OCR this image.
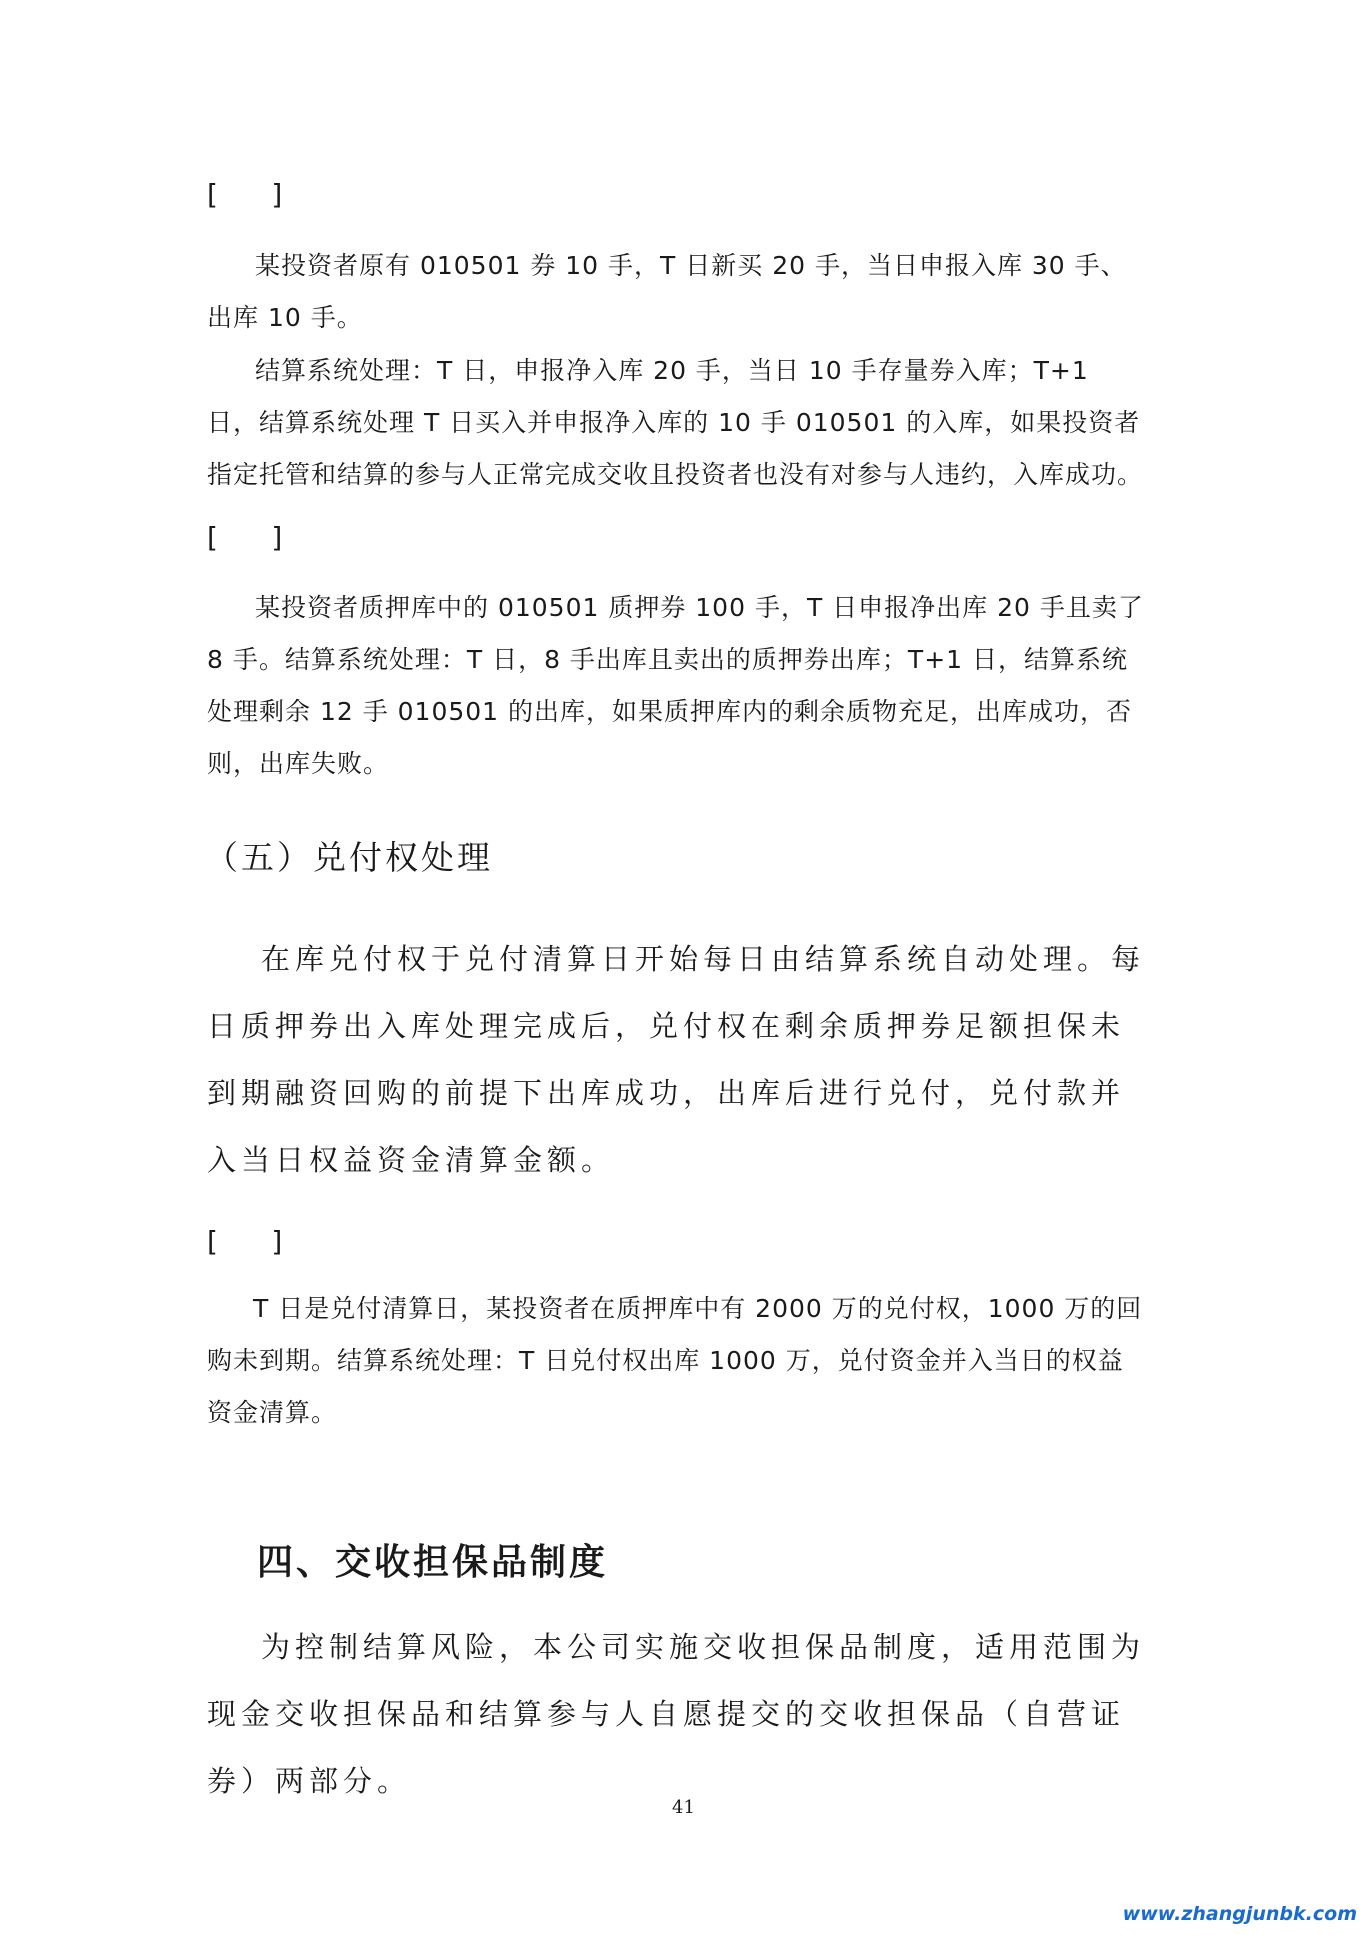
[      ]

某投资者原有 010501 券 10 手，T 日新买 20 手，当日申报入库 30 手、出库 10 手。

结算系统处理：T 日，申报净入库 20 手，当日 10 手存量券入库；T+1 日，结算系统处理 T 日买入并申报净入库的 10 手 010501 的入库，如果投资者指定托管和结算的参与人正常完成交收且投资者也没有对参与人违约，入库成功。

[      ]

某投资者质押库中的 010501 质押券 100 手，T 日申报净出库 20 手且卖了 8 手。结算系统处理：T 日，8 手出库且卖出的质押券出库；T+1 日，结算系统处理剩余 12 手 010501 的出库，如果质押库内的剩余质物充足，出库成功，否则，出库失败。

（五）兑付权处理

在库兑付权于兑付清算日开始每日由结算系统自动处理。每日质押券出入库处理完成后，兑付权在剩余质押券足额担保未到期融资回购的前提下出库成功，出库后进行兑付，兑付款并入当日权益资金清算金额。

[      ]

T 日是兑付清算日，某投资者在质押库中有 2000 万的兑付权，1000 万的回购未到期。结算系统处理：T 日兑付权出库 1000 万，兑付资金并入当日的权益资金清算。

四、交收担保品制度

为控制结算风险，本公司实施交收担保品制度，适用范围为现金交收担保品和结算参与人自愿提交的交收担保品（自营证券）两部分。

41
www.zhangjunbk.com
